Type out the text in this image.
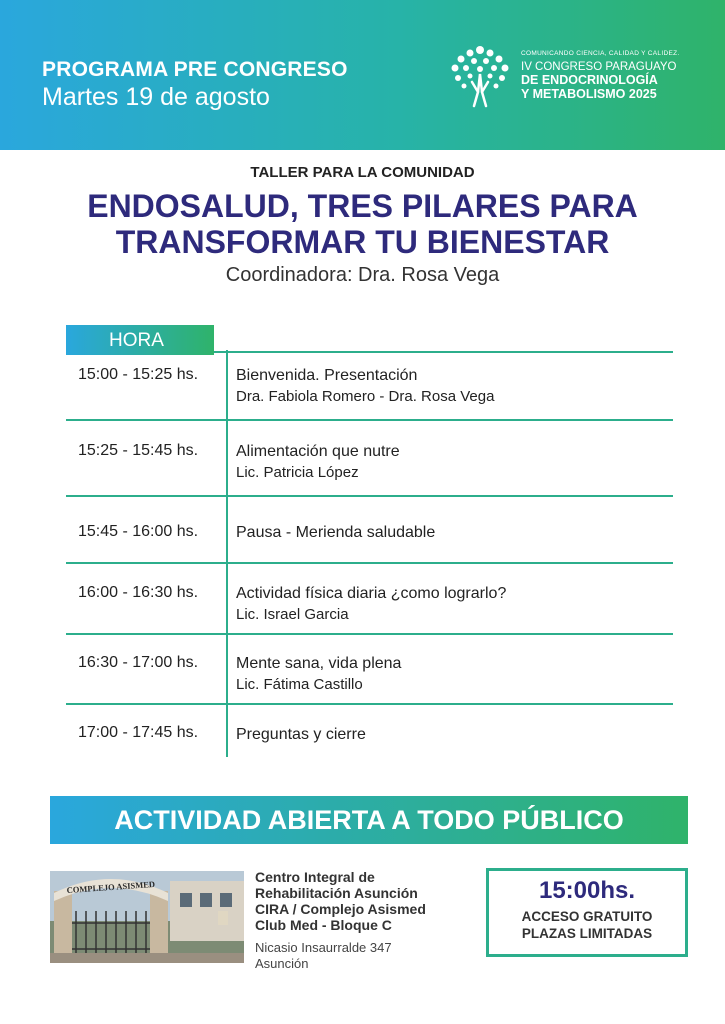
PROGRAMA PRE CONGRESO
Martes 19 de agosto
COMUNICANDO CIENCIA, CALIDAD Y CALIDEZ.
IV CONGRESO PARAGUAYO
DE ENDOCRINOLOGÍA
Y METABOLISMO 2025
TALLER PARA LA COMUNIDAD
ENDOSALUD, TRES PILARES PARA
TRANSFORMAR TU BIENESTAR
Coordinadora: Dra. Rosa Vega
HORA
15:00 - 15:25 hs. Bienvenida. Presentación
Dra. Fabiola Romero - Dra. Rosa Vega
15:25 - 15:45 hs. Alimentación que nutre
Lic. Patricia López
15:45 - 16:00 hs. Pausa - Merienda saludable
16:00 - 16:30 hs. Actividad física diaria ¿como lograrlo?
Lic. Israel Garcia
16:30 - 17:00 hs. Mente sana, vida plena
Lic. Fátima Castillo
17:00 - 17:45 hs. Preguntas y cierre
ACTIVIDAD ABIERTA A TODO PÚBLICO
COMPLEJO ASISMED
Centro Integral de
Rehabilitación Asunción
CIRA / Complejo Asismed
Club Med - Bloque C
Nicasio Insaurralde 347
Asunción
15:00hs.
ACCESO GRATUITO
PLAZAS LIMITADAS
